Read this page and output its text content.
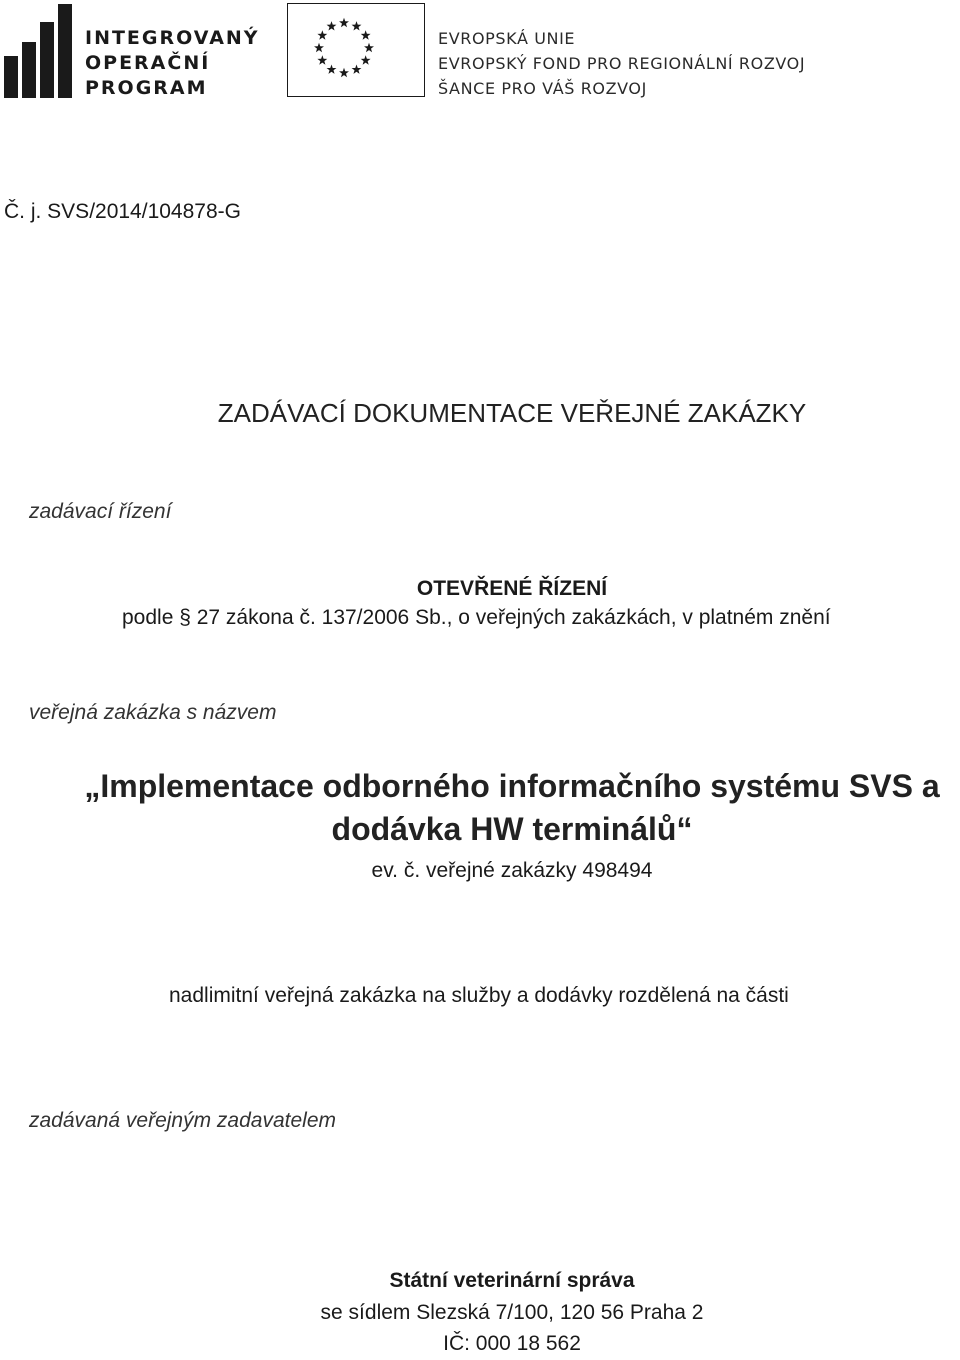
INTEGROVANÝ
OPERAČNÍ
PROGRAM
EVROPSKÁ UNIE
EVROPSKÝ FOND PRO REGIONÁLNÍ ROZVOJ
ŠANCE PRO VÁŠ ROZVOJ
Č. j. SVS/2014/104878-G
ZADÁVACÍ DOKUMENTACE VEŘEJNÉ ZAKÁZKY
zadávací řízení
OTEVŘENÉ ŘÍZENÍ
podle § 27 zákona č. 137/2006 Sb., o veřejných zakázkách, v platném znění
veřejná zakázka s názvem
„Implementace odborného informačního systému SVS a
dodávka HW terminálů“
ev. č. veřejné zakázky 498494
nadlimitní veřejná zakázka na služby a dodávky rozdělená na části
zadávaná veřejným zadavatelem
Státní veterinární správa
se sídlem Slezská 7/100, 120 56 Praha 2
IČ: 000 18 562
